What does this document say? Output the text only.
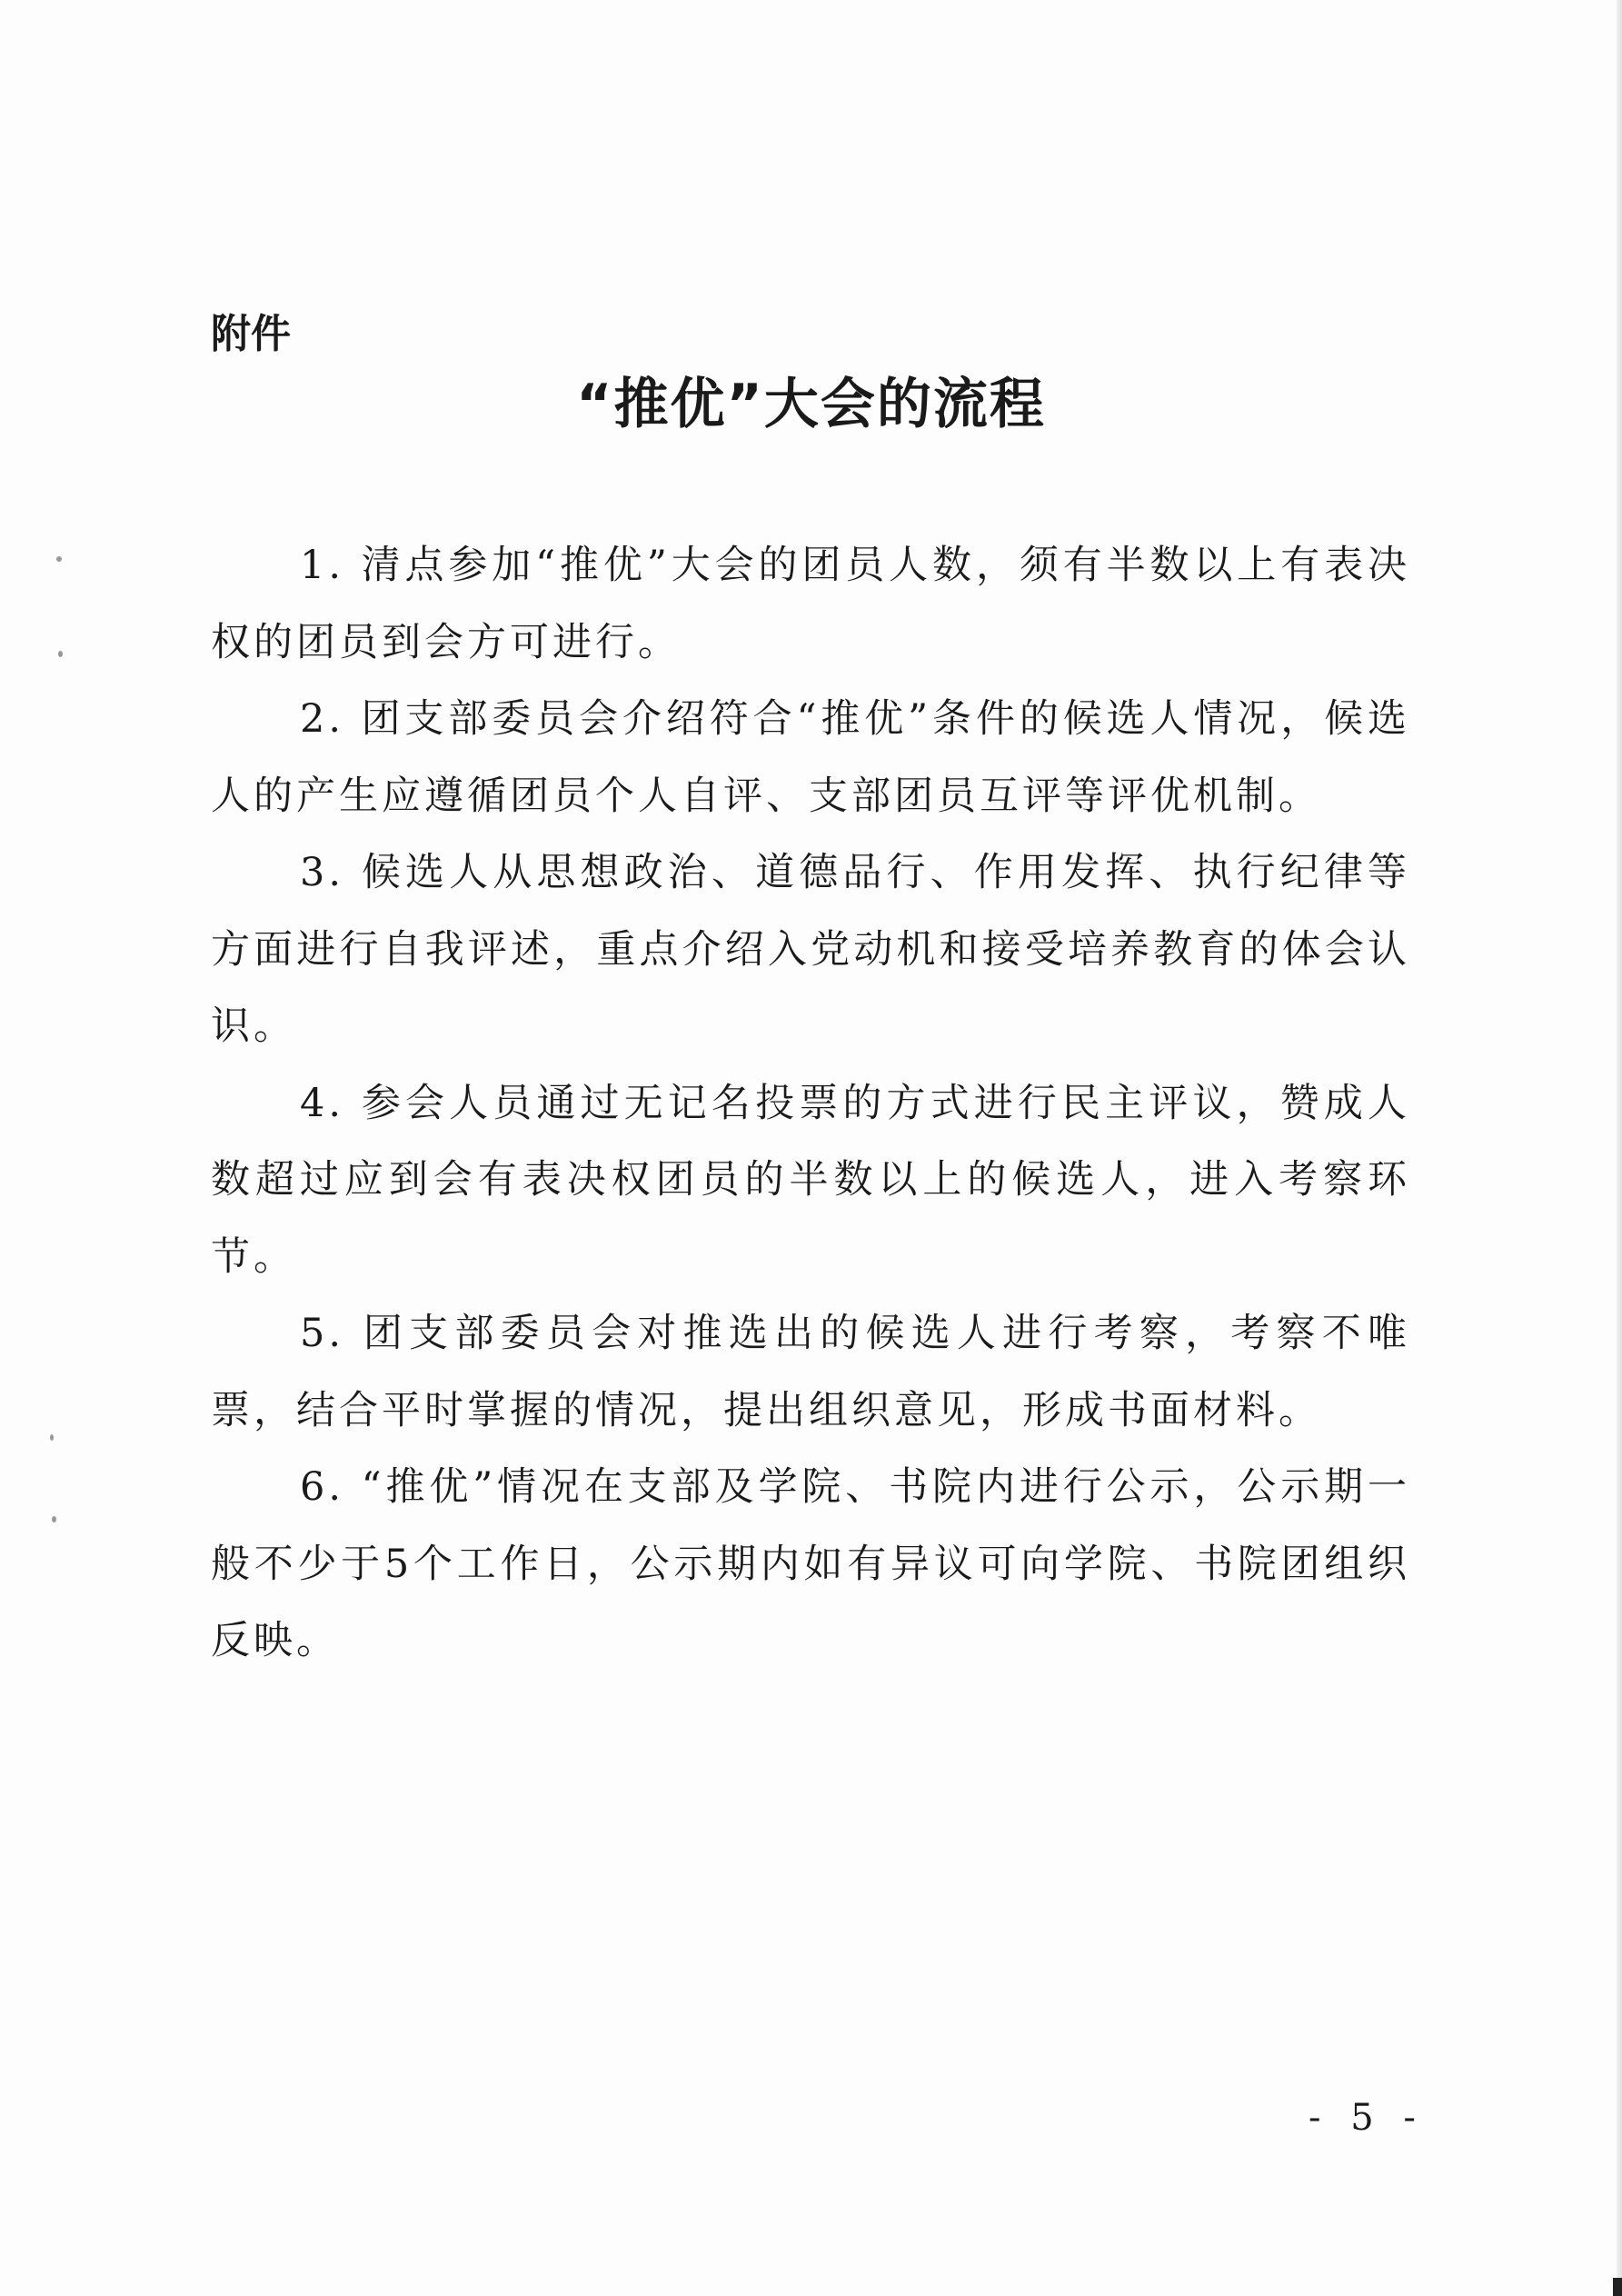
附件
“推优”大会的流程

1. 清点参加“推优”大会的团员人数，须有半数以上有表决权的团员到会方可进行。

2. 团支部委员会介绍符合“推优”条件的候选人情况，候选人的产生应遵循团员个人自评、支部团员互评等评优机制。

3. 候选人从思想政治、道德品行、作用发挥、执行纪律等方面进行自我评述，重点介绍入党动机和接受培养教育的体会认识。

4. 参会人员通过无记名投票的方式进行民主评议，赞成人数超过应到会有表决权团员的半数以上的候选人，进入考察环节。

5. 团支部委员会对推选出的候选人进行考察，考察不唯票，结合平时掌握的情况，提出组织意见，形成书面材料。

6. “推优”情况在支部及学院、书院内进行公示，公示期一般不少于5个工作日，公示期内如有异议可向学院、书院团组织反映。

- 5 -
